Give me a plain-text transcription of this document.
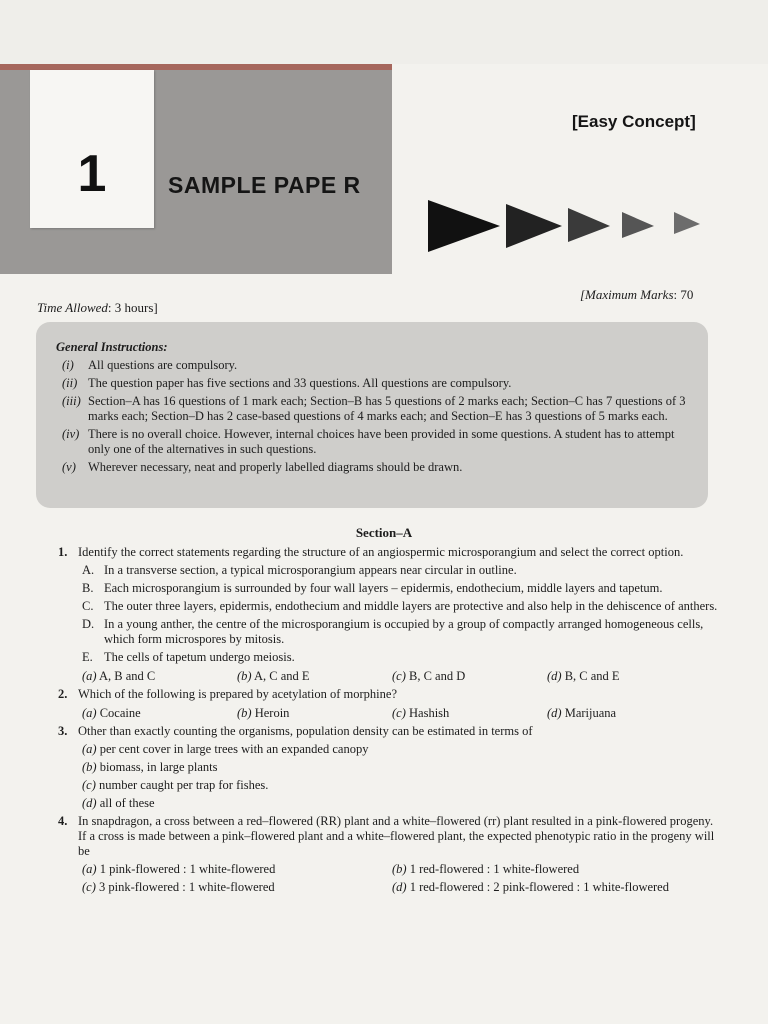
1	SAMPLE PAPE R
[Easy Concept]
Time Allowed: 3 hours]
[Maximum Marks: 70
General Instructions:
(i)	All questions are compulsory.
(ii) The question paper has five sections and 33 questions. All questions are compulsory.
(iii) Section–A has 16 questions of 1 mark each; Section–B has 5 questions of 2 marks each; Section–C has 7 questions of 3 marks each; Section–D has 2 case-based questions of 4 marks each; and Section–E has 3 questions of 5 marks each.
(iv) There is no overall choice. However, internal choices have been provided in some questions. A student has to attempt only one of the alternatives in such questions.
(v) Wherever necessary, neat and properly labelled diagrams should be drawn.
Section–A
1. Identify the correct statements regarding the structure of an angiospermic microsporangium and select the correct option.
A. In a transverse section, a typical microsporangium appears near circular in outline.
B. Each microsporangium is surrounded by four wall layers – epidermis, endothecium, middle layers and tapetum.
C. The outer three layers, epidermis, endothecium and middle layers are protective and also help in the dehiscence of anthers.
D. In a young anther, the centre of the microsporangium is occupied by a group of compactly arranged homogeneous cells, which form microspores by mitosis.
E. The cells of tapetum undergo meiosis.
(a) A, B and C	(b) A, C and E	(c) B, C and D	(d) B, C and E
2. Which of the following is prepared by acetylation of morphine?
(a) Cocaine	(b) Heroin	(c) Hashish	(d) Marijuana
3. Other than exactly counting the organisms, population density can be estimated in terms of
(a) per cent cover in large trees with an expanded canopy
(b) biomass, in large plants
(c) number caught per trap for fishes.
(d) all of these
4. In snapdragon, a cross between a red–flowered (RR) plant and a white–flowered (rr) plant resulted in a pink-flowered progeny. If a cross is made between a pink–flowered plant and a white–flowered plant, the expected phenotypic ratio in the progeny will be
(a) 1 pink-flowered : 1 white-flowered	(b) 1 red-flowered : 1 white-flowered
(c) 3 pink-flowered : 1 white-flowered	(d) 1 red-flowered : 2 pink-flowered : 1 white-flowered
